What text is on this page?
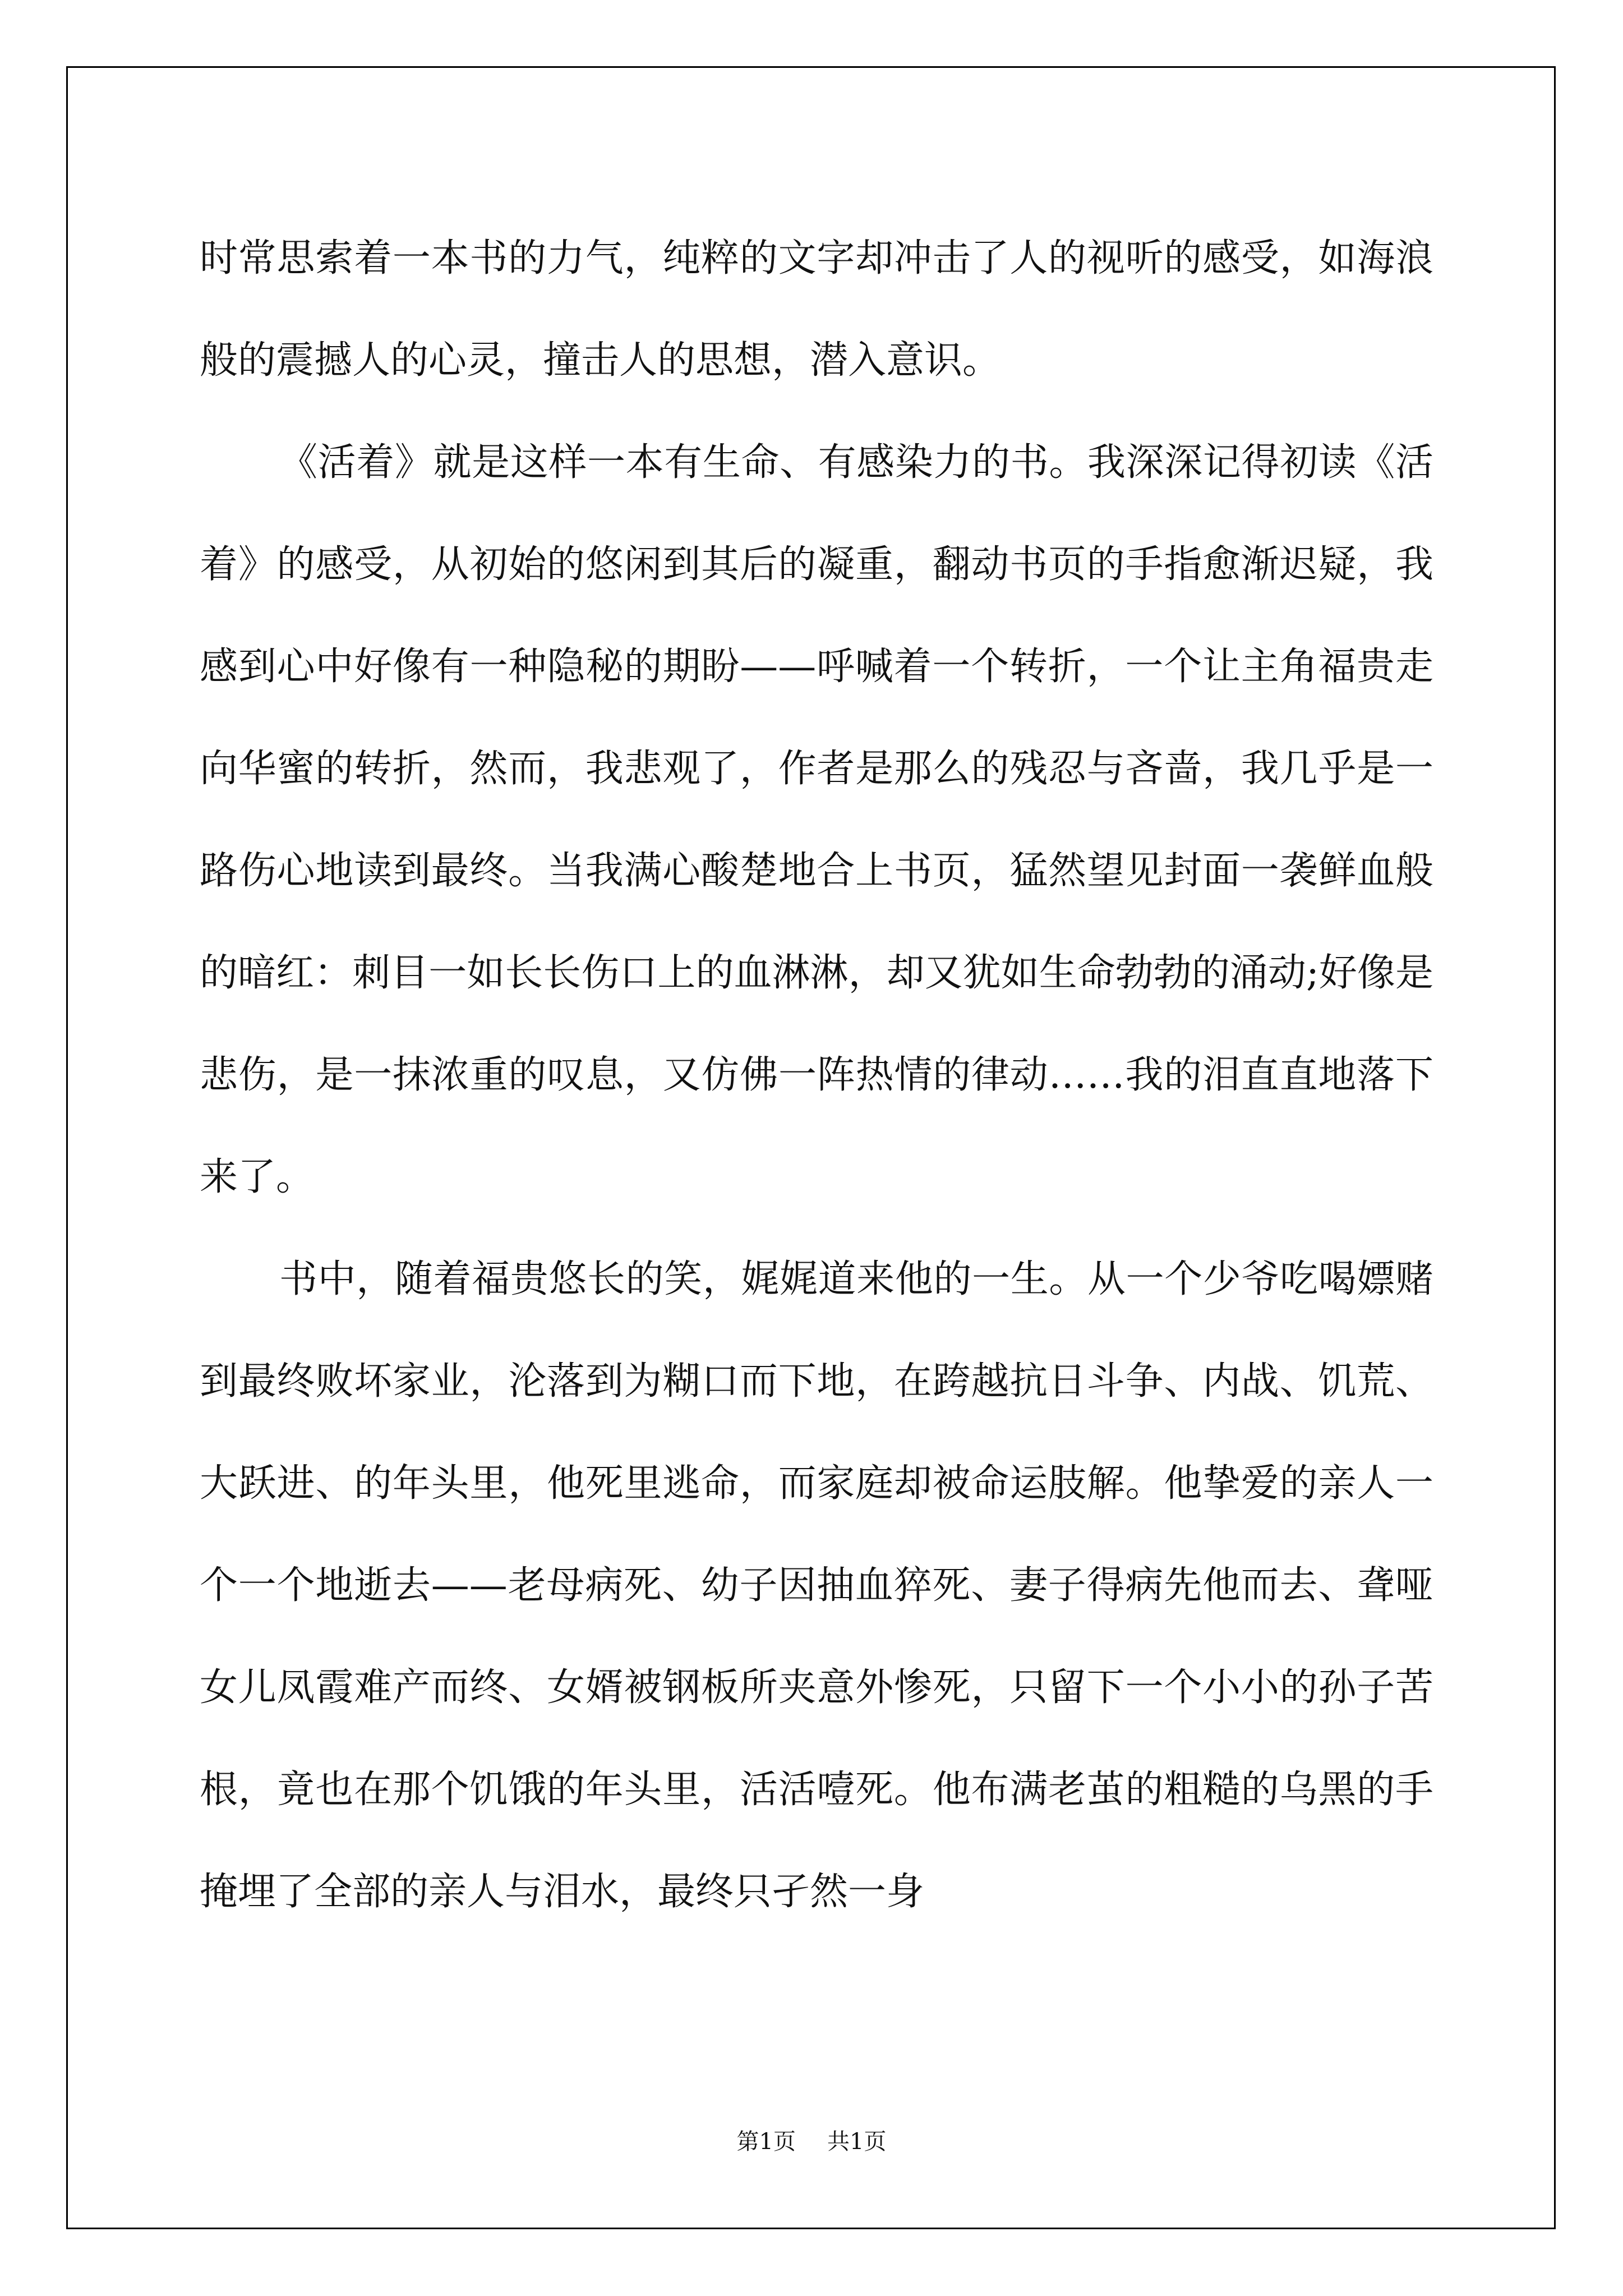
时常思索着一本书的力气，纯粹的文字却冲击了人的视听的感受，如海浪般的震撼人的心灵，撞击人的思想，潜入意识。

《活着》就是这样一本有生命、有感染力的书。我深深记得初读《活着》的感受，从初始的悠闲到其后的凝重，翻动书页的手指愈渐迟疑，我感到心中好像有一种隐秘的期盼——呼喊着一个转折，一个让主角福贵走向华蜜的转折，然而，我悲观了，作者是那么的残忍与吝啬，我几乎是一路伤心地读到最终。当我满心酸楚地合上书页，猛然望见封面一袭鲜血般的暗红：刺目一如长长伤口上的血淋淋，却又犹如生命勃勃的涌动;好像是悲伤，是一抹浓重的叹息，又仿佛一阵热情的律动……我的泪直直地落下来了。

书中，随着福贵悠长的笑，娓娓道来他的一生。从一个少爷吃喝嫖赌到最终败坏家业，沦落到为糊口而下地，在跨越抗日斗争、内战、饥荒、大跃进、的年头里，他死里逃命，而家庭却被命运肢解。他挚爱的亲人一个一个地逝去——老母病死、幼子因抽血猝死、妻子得病先他而去、聋哑女儿凤霞难产而终、女婿被钢板所夹意外惨死，只留下一个小小的孙子苦根，竟也在那个饥饿的年头里，活活噎死。他布满老茧的粗糙的乌黑的手掩埋了全部的亲人与泪水，最终只孑然一身

第1页 共1页
